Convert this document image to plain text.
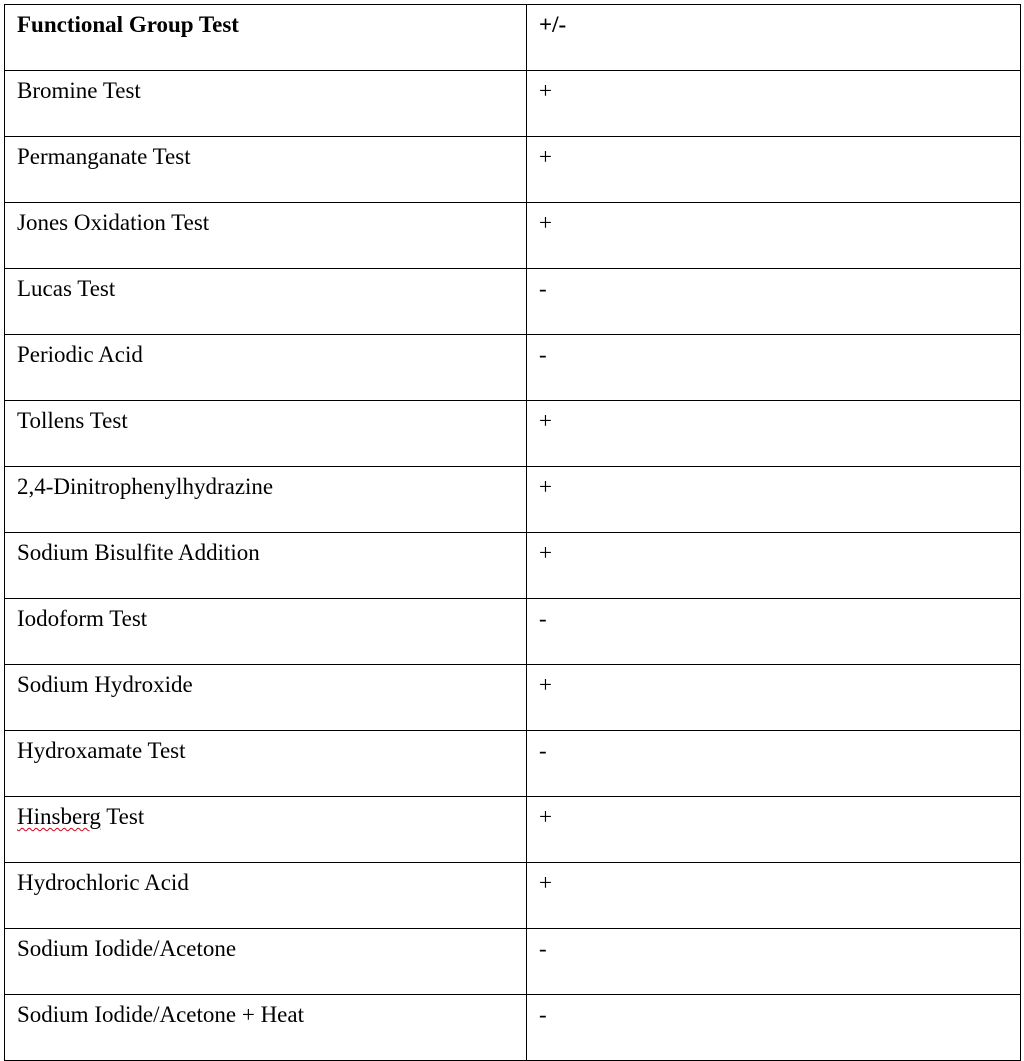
Functional Group Test	+/-
Bromine Test	+
Permanganate Test	+
Jones Oxidation Test	+
Lucas Test	-
Periodic Acid	-
Tollens Test	+
2,4-Dinitrophenylhydrazine	+
Sodium Bisulfite Addition	+
Iodoform Test	-
Sodium Hydroxide	+
Hydroxamate Test	-
Hinsberg Test	+
Hydrochloric Acid	+
Sodium Iodide/Acetone	-
Sodium Iodide/Acetone + Heat	-
